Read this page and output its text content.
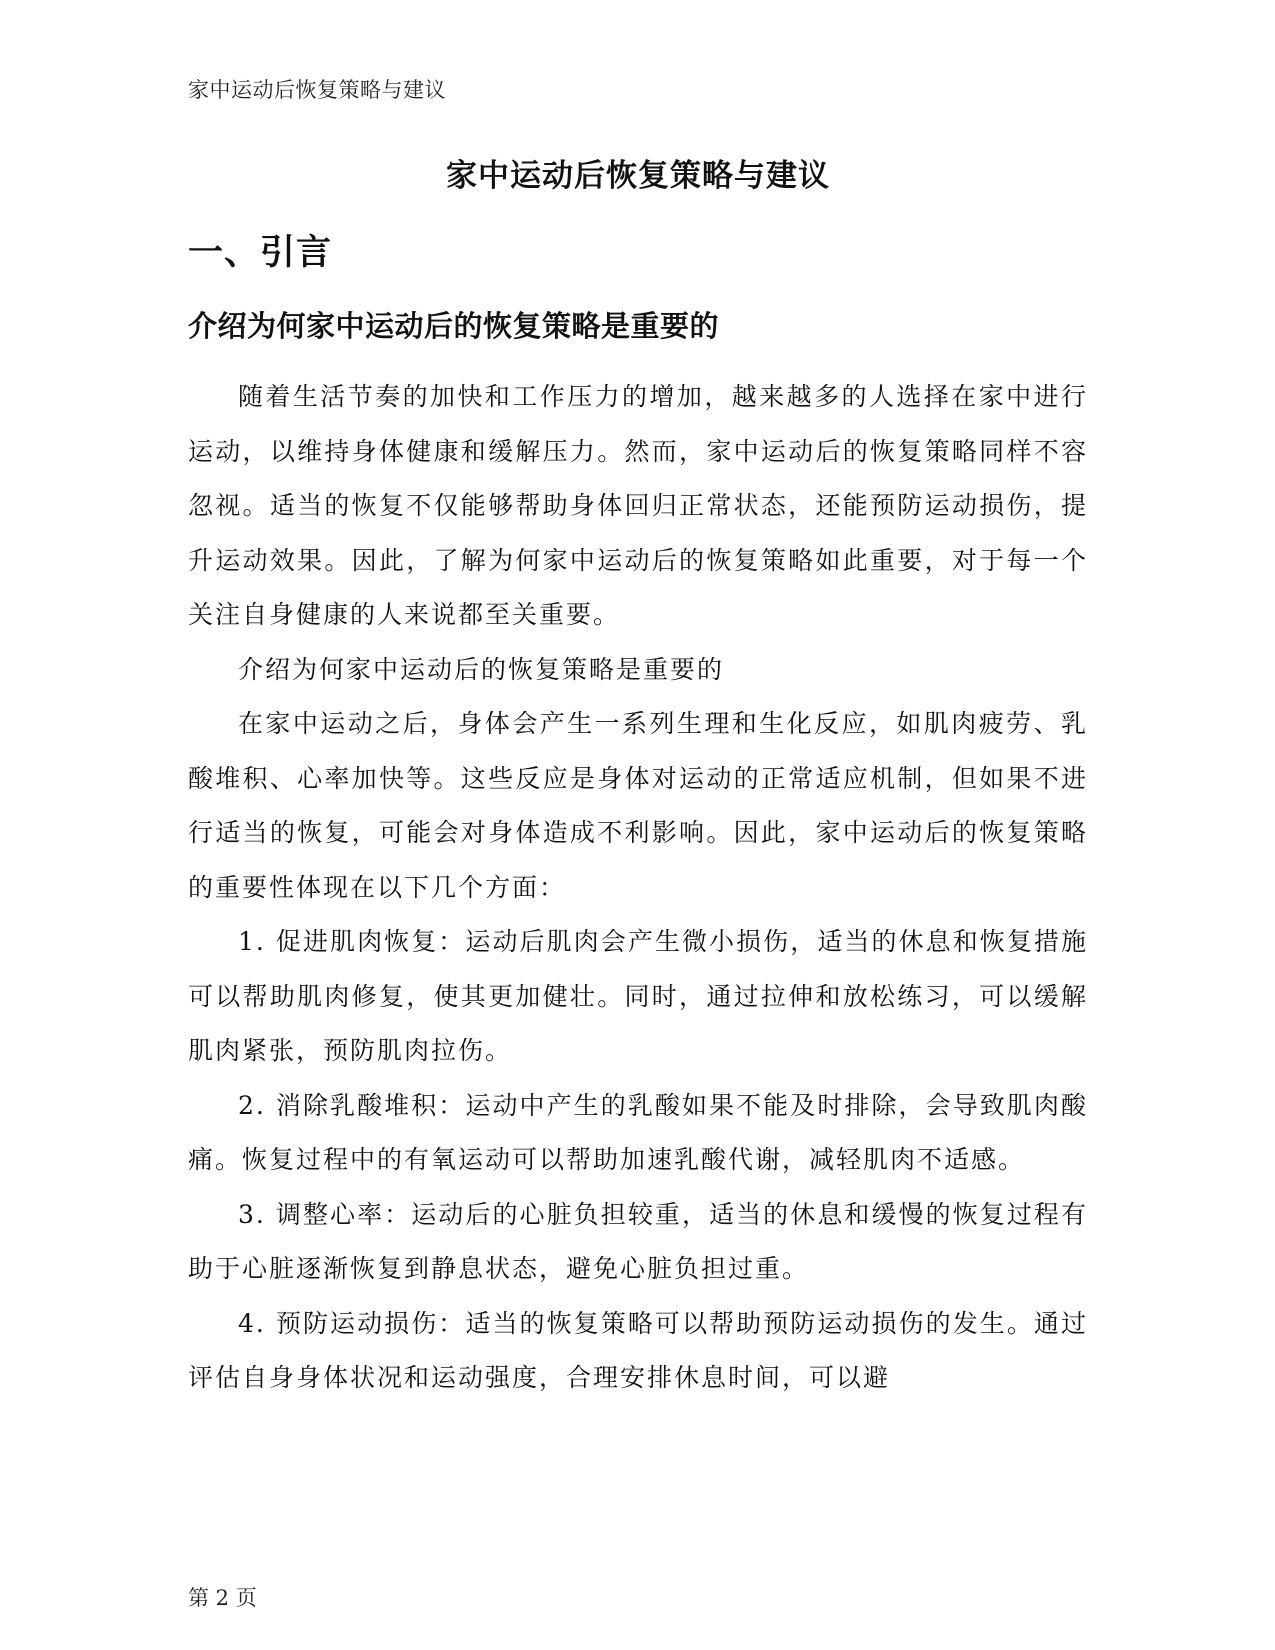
家中运动后恢复策略与建议
家中运动后恢复策略与建议
一、引言
介绍为何家中运动后的恢复策略是重要的

随着生活节奏的加快和工作压力的增加，越来越多的人选择在家中进行运动，以维持身体健康和缓解压力。然而，家中运动后的恢复策略同样不容忽视。适当的恢复不仅能够帮助身体回归正常状态，还能预防运动损伤，提升运动效果。因此，了解为何家中运动后的恢复策略如此重要，对于每一个关注自身健康的人来说都至关重要。

介绍为何家中运动后的恢复策略是重要的

在家中运动之后，身体会产生一系列生理和生化反应，如肌肉疲劳、乳酸堆积、心率加快等。这些反应是身体对运动的正常适应机制，但如果不进行适当的恢复，可能会对身体造成不利影响。因此，家中运动后的恢复策略的重要性体现在以下几个方面：

1. 促进肌肉恢复：运动后肌肉会产生微小损伤，适当的休息和恢复措施可以帮助肌肉修复，使其更加健壮。同时，通过拉伸和放松练习，可以缓解肌肉紧张，预防肌肉拉伤。

2. 消除乳酸堆积：运动中产生的乳酸如果不能及时排除，会导致肌肉酸痛。恢复过程中的有氧运动可以帮助加速乳酸代谢，减轻肌肉不适感。

3. 调整心率：运动后的心脏负担较重，适当的休息和缓慢的恢复过程有助于心脏逐渐恢复到静息状态，避免心脏负担过重。

4. 预防运动损伤：适当的恢复策略可以帮助预防运动损伤的发生。通过评估自身身体状况和运动强度，合理安排休息时间，可以避

第 2 页
